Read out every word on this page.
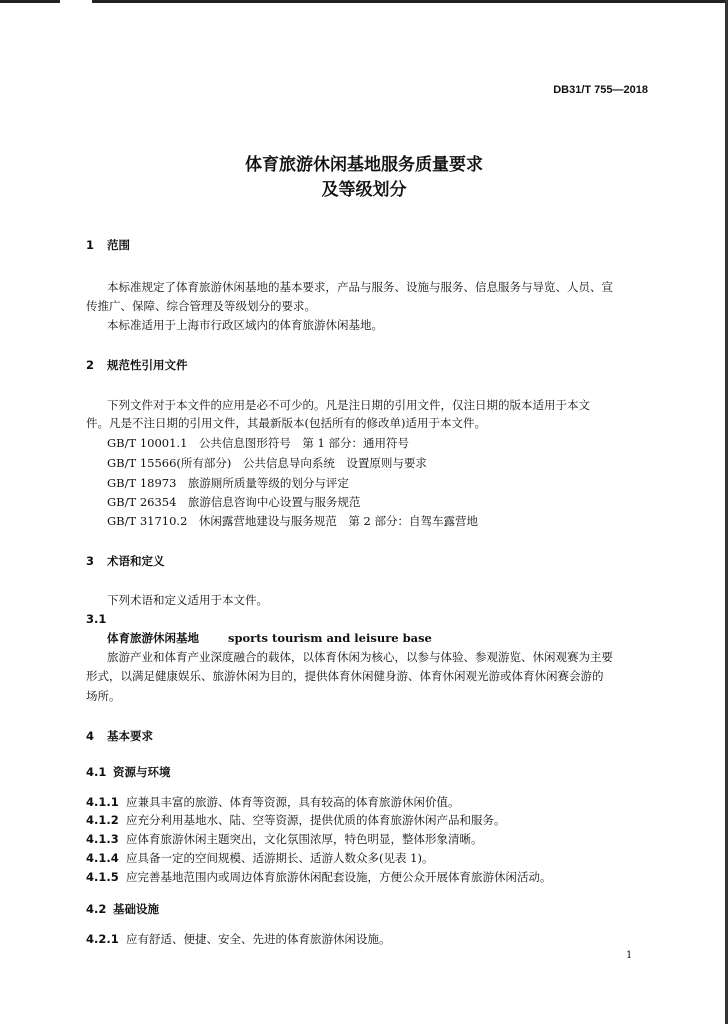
DB31/T 755—2018
体育旅游休闲基地服务质量要求
及等级划分
1 范围
本标准规定了体育旅游休闲基地的基本要求，产品与服务、设施与服务、信息服务与导览、人员、宣
传推广、保障、综合管理及等级划分的要求。
本标准适用于上海市行政区域内的体育旅游休闲基地。
2 规范性引用文件
下列文件对于本文件的应用是必不可少的。凡是注日期的引用文件，仅注日期的版本适用于本文
件。凡是不注日期的引用文件，其最新版本(包括所有的修改单)适用于本文件。
GB/T 10001.1　公共信息图形符号　第 1 部分：通用符号
GB/T 15566(所有部分)　公共信息导向系统　设置原则与要求
GB/T 18973　旅游厕所质量等级的划分与评定
GB/T 26354　旅游信息咨询中心设置与服务规范
GB/T 31710.2　休闲露营地建设与服务规范　第 2 部分：自驾车露营地
3 术语和定义
下列术语和定义适用于本文件。
3.1
体育旅游休闲基地	sports tourism and leisure base
旅游产业和体育产业深度融合的载体，以体育休闲为核心，以参与体验、参观游览、休闲观赛为主要
形式，以满足健康娱乐、旅游休闲为目的，提供体育休闲健身游、体育休闲观光游或体育休闲赛会游的
场所。
4 基本要求
4.1 资源与环境
4.1.1 应兼具丰富的旅游、体育等资源，具有较高的体育旅游休闲价值。
4.1.2 应充分利用基地水、陆、空等资源，提供优质的体育旅游休闲产品和服务。
4.1.3 应体育旅游休闲主题突出，文化氛围浓厚，特色明显，整体形象清晰。
4.1.4 应具备一定的空间规模、适游期长、适游人数众多(见表 1)。
4.1.5 应完善基地范围内或周边体育旅游休闲配套设施，方便公众开展体育旅游休闲活动。
4.2 基础设施
4.2.1 应有舒适、便捷、安全、先进的体育旅游休闲设施。
1
